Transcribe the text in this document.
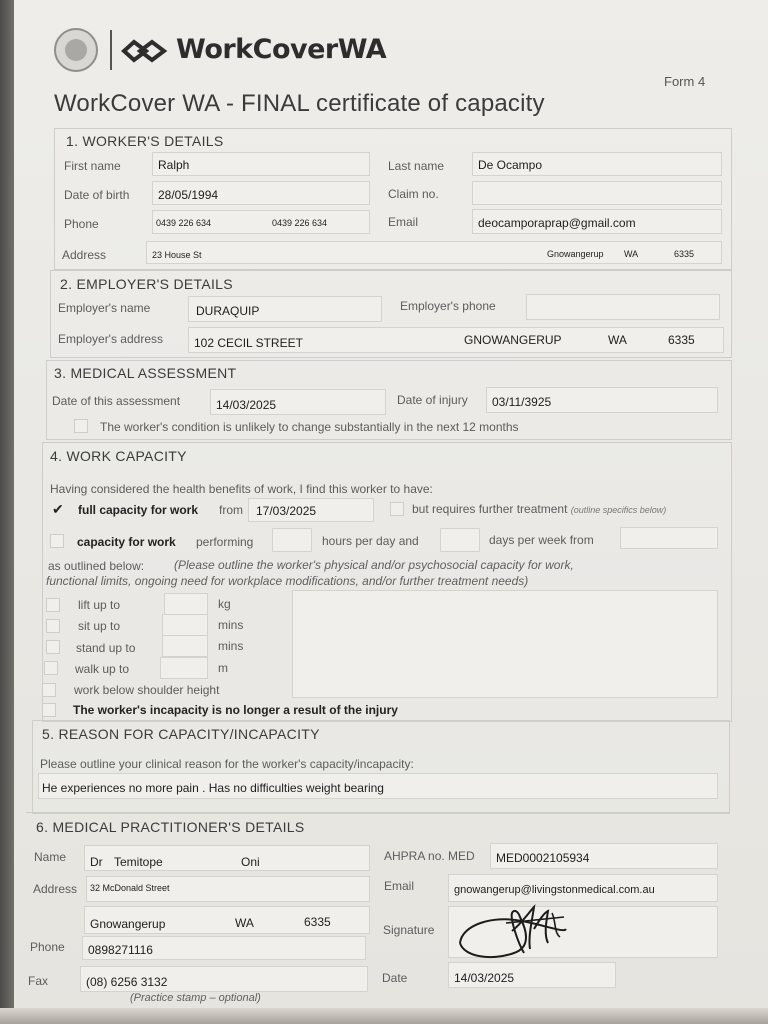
WorkCoverWA
Form 4
WorkCover WA - FINAL certificate of capacity
1. WORKER'S DETAILS
First name	Ralph	Last name	De Ocampo
Date of birth 28/05/1994	Claim no.
Phone	0439 226 634	0439 226 634	Email	deocamporaprap@gmail.com
Address	23 House St	Gnowangerup WA	6335
2. EMPLOYER'S DETAILS
Employer's name	DURAQUIP	Employer's phone
Employer's address	102 CECIL STREET	GNOWANGERUP	WA	6335
3. MEDICAL ASSESSMENT
Date of this assessment	14/03/2025	Date of injury 03/11/3925
The worker's condition is unlikely to change substantially in the next 12 months
4. WORK CAPACITY
Having considered the health benefits of work, I find this worker to have:
✔ full capacity for work from 17/03/2025	but requires further treatment (outline specifics below)
capacity for work performing	hours per day and	days per week from
as outlined below: (Please outline the worker's physical and/or psychosocial capacity for work,
functional limits, ongoing need for workplace modifications, and/or further treatment needs)
lift up to	kg
sit up to	mins
stand up to	mins
walk up to	m
work below shoulder height
The worker's incapacity is no longer a result of the injury
5. REASON FOR CAPACITY/INCAPACITY
Please outline your clinical reason for the worker's capacity/incapacity:
He experiences no more pain . Has no difficulties weight bearing
6. MEDICAL PRACTITIONER'S DETAILS
Name Dr Temitope	Oni	AHPRA no. MED MED0002105934
Address 32 McDonald Street	Email	gnowangerup@livingstonmedical.com.au
Gnowangerup	WA	6335
Signature
Phone 0898271116
Fax	(08) 6256 3132	Date	14/03/2025
(Practice stamp – optional)
